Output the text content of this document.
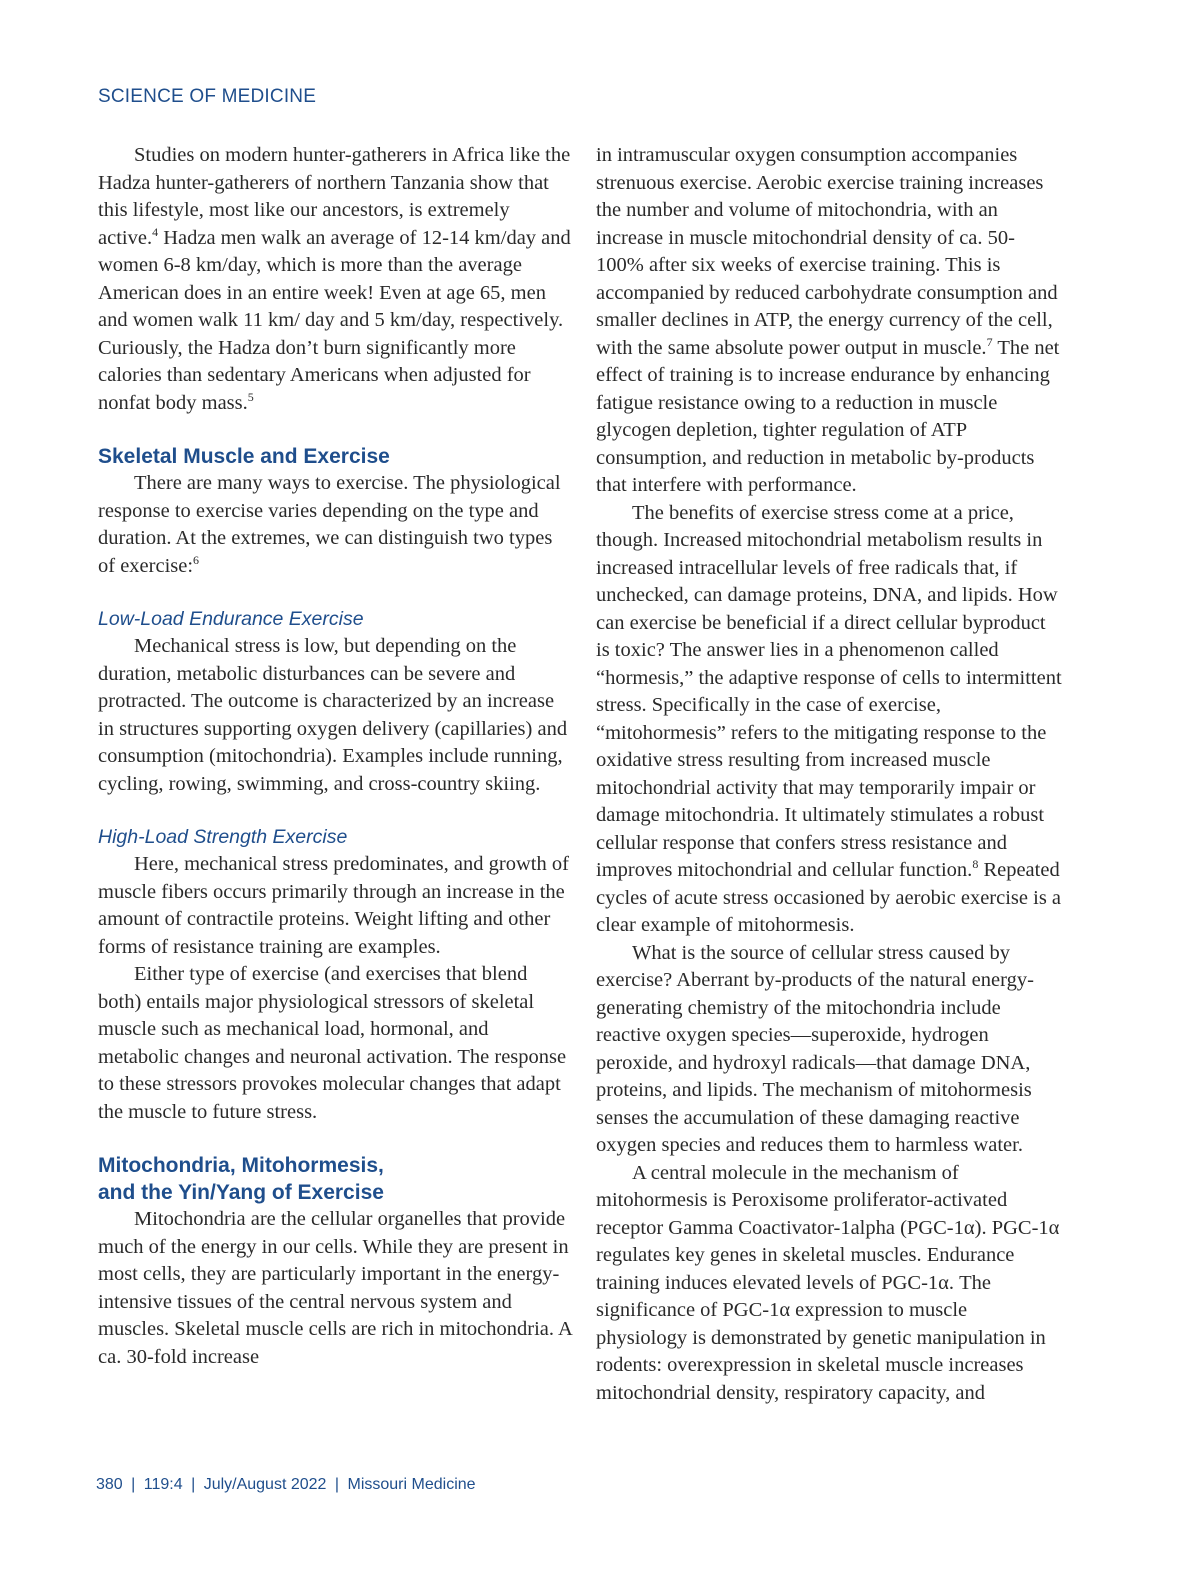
SCIENCE OF MEDICINE

Studies on modern hunter-gatherers in Africa like the Hadza hunter-gatherers of northern Tanzania show that this lifestyle, most like our ancestors, is extremely active.$^4$ Hadza men walk an average of 12-14 km/day and women 6-8 km/day, which is more than the average American does in an entire week! Even at age 65, men and women walk 11 km/ day and 5 km/day, respectively. Curiously, the Hadza don’t burn significantly more calories than sedentary Americans when adjusted for nonfat body mass.$^5$

Skeletal Muscle and Exercise

There are many ways to exercise. The physiological response to exercise varies depending on the type and duration. At the extremes, we can distinguish two types of exercise:$^6$

Low-Load Endurance Exercise

Mechanical stress is low, but depending on the duration, metabolic disturbances can be severe and protracted. The outcome is characterized by an increase in structures supporting oxygen delivery (capillaries) and consumption (mitochondria). Examples include running, cycling, rowing, swimming, and cross-country skiing.

High-Load Strength Exercise

Here, mechanical stress predominates, and growth of muscle fibers occurs primarily through an increase in the amount of contractile proteins. Weight lifting and other forms of resistance training are examples.

Either type of exercise (and exercises that blend both) entails major physiological stressors of skeletal muscle such as mechanical load, hormonal, and metabolic changes and neuronal activation. The response to these stressors provokes molecular changes that adapt the muscle to future stress.

Mitochondria, Mitohormesis,
and the Yin/Yang of Exercise

Mitochondria are the cellular organelles that provide much of the energy in our cells. While they are present in most cells, they are particularly important in the energy-intensive tissues of the central nervous system and muscles. Skeletal muscle cells are rich in mitochondria. A ca. 30-fold increase

in intramuscular oxygen consumption accompanies strenuous exercise. Aerobic exercise training increases the number and volume of mitochondria, with an increase in muscle mitochondrial density of ca. 50-100% after six weeks of exercise training. This is accompanied by reduced carbohydrate consumption and smaller declines in ATP, the energy currency of the cell, with the same absolute power output in muscle.$^7$ The net effect of training is to increase endurance by enhancing fatigue resistance owing to a reduction in muscle glycogen depletion, tighter regulation of ATP consumption, and reduction in metabolic by-products that interfere with performance.

The benefits of exercise stress come at a price, though. Increased mitochondrial metabolism results in increased intracellular levels of free radicals that, if unchecked, can damage proteins, DNA, and lipids. How can exercise be beneficial if a direct cellular byproduct is toxic? The answer lies in a phenomenon called “hormesis,” the adaptive response of cells to intermittent stress. Specifically in the case of exercise, “mitohormesis” refers to the mitigating response to the oxidative stress resulting from increased muscle mitochondrial activity that may temporarily impair or damage mitochondria. It ultimately stimulates a robust cellular response that confers stress resistance and improves mitochondrial and cellular function.$^8$ Repeated cycles of acute stress occasioned by aerobic exercise is a clear example of mitohormesis.

What is the source of cellular stress caused by exercise? Aberrant by-products of the natural energy-generating chemistry of the mitochondria include reactive oxygen species—superoxide, hydrogen peroxide, and hydroxyl radicals—that damage DNA, proteins, and lipids. The mechanism of mitohormesis senses the accumulation of these damaging reactive oxygen species and reduces them to harmless water.

A central molecule in the mechanism of mitohormesis is Peroxisome proliferator-activated receptor Gamma Coactivator-1alpha (PGC-1α). PGC-1α regulates key genes in skeletal muscles. Endurance training induces elevated levels of PGC-1α. The significance of PGC-1α expression to muscle physiology is demonstrated by genetic manipulation in rodents: overexpression in skeletal muscle increases mitochondrial density, respiratory capacity, and

380 | 119:4 | July/August 2022 | Missouri Medicine
